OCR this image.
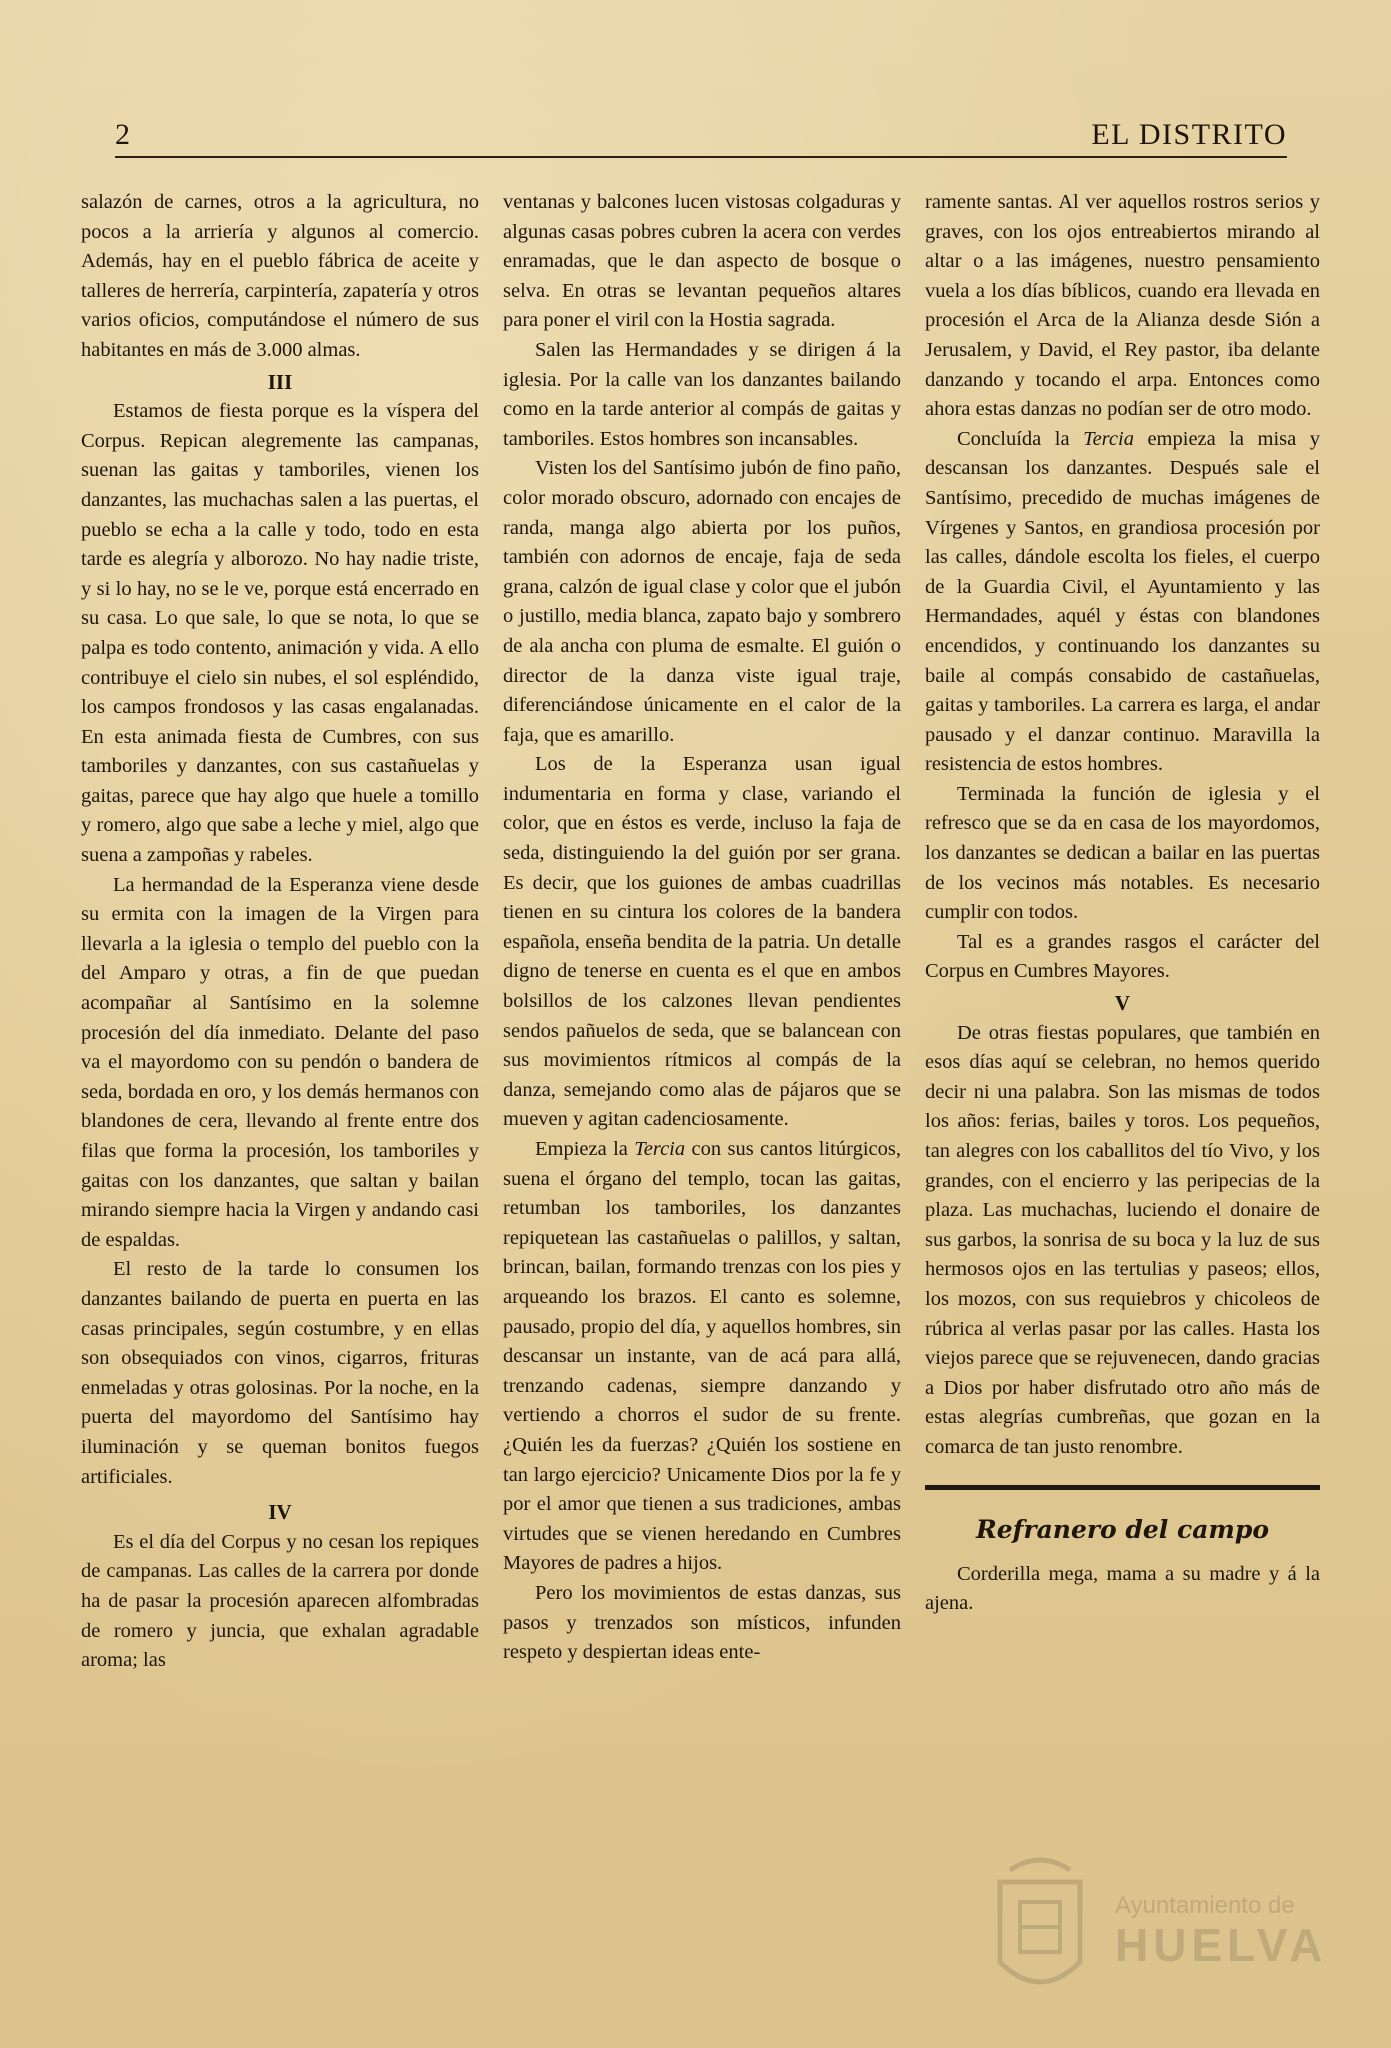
2	EL DISTRITO

salazón de carnes, otros a la agricultura, no pocos a la arriería y algunos al comercio. Además, hay en el pueblo fábrica de aceite y talleres de herrería, carpintería, zapatería y otros varios oficios, computándose el número de sus habitantes en más de 3.000 almas.

III

Estamos de fiesta porque es la víspera del Corpus. Repican alegremente las campanas, suenan las gaitas y tamboriles, vienen los danzantes, las muchachas salen a las puertas, el pueblo se echa a la calle y todo, todo en esta tarde es alegría y alborozo. No hay nadie triste, y si lo hay, no se le ve, porque está encerrado en su casa. Lo que sale, lo que se nota, lo que se palpa es todo contento, animación y vida. A ello contribuye el cielo sin nubes, el sol espléndido, los campos frondosos y las casas engalanadas. En esta animada fiesta de Cumbres, con sus tamboriles y danzantes, con sus castañuelas y gaitas, parece que hay algo que huele a tomillo y romero, algo que sabe a leche y miel, algo que suena a zampoñas y rabeles.

La hermandad de la Esperanza viene desde su ermita con la imagen de la Virgen para llevarla a la iglesia o templo del pueblo con la del Amparo y otras, a fin de que puedan acompañar al Santísimo en la solemne procesión del día inmediato. Delante del paso va el mayordomo con su pendón o bandera de seda, bordada en oro, y los demás hermanos con blandones de cera, llevando al frente entre dos filas que forma la procesión, los tamboriles y gaitas con los danzantes, que saltan y bailan mirando siempre hacia la Virgen y andando casi de espaldas.

El resto de la tarde lo consumen los danzantes bailando de puerta en puerta en las casas principales, según costumbre, y en ellas son obsequiados con vinos, cigarros, frituras enmeladas y otras golosinas. Por la noche, en la puerta del mayordomo del Santísimo hay iluminación y se queman bonitos fuegos artificiales.

IV

Es el día del Corpus y no cesan los repiques de campanas. Las calles de la carrera por donde ha de pasar la procesión aparecen alfombradas de romero y juncia, que exhalan agradable aroma; las

ventanas y balcones lucen vistosas colgaduras y algunas casas pobres cubren la acera con verdes enramadas, que le dan aspecto de bosque o selva. En otras se levantan pequeños altares para poner el viril con la Hostia sagrada.

Salen las Hermandades y se dirigen á la iglesia. Por la calle van los danzantes bailando como en la tarde anterior al compás de gaitas y tamboriles. Estos hombres son incansables.

Visten los del Santísimo jubón de fino paño, color morado obscuro, adornado con encajes de randa, manga algo abierta por los puños, también con adornos de encaje, faja de seda grana, calzón de igual clase y color que el jubón o justillo, media blanca, zapato bajo y sombrero de ala ancha con pluma de esmalte. El guión o director de la danza viste igual traje, diferenciándose únicamente en el calor de la faja, que es amarillo.

Los de la Esperanza usan igual indumentaria en forma y clase, variando el color, que en éstos es verde, incluso la faja de seda, distinguiendo la del guión por ser grana. Es decir, que los guiones de ambas cuadrillas tienen en su cintura los colores de la bandera española, enseña bendita de la patria. Un detalle digno de tenerse en cuenta es el que en ambos bolsillos de los calzones llevan pendientes sendos pañuelos de seda, que se balancean con sus movimientos rítmicos al compás de la danza, semejando como alas de pájaros que se mueven y agitan cadenciosamente.

Empieza la Tercia con sus cantos litúrgicos, suena el órgano del templo, tocan las gaitas, retumban los tamboriles, los danzantes repiquetean las castañuelas o palillos, y saltan, brincan, bailan, formando trenzas con los pies y arqueando los brazos. El canto es solemne, pausado, propio del día, y aquellos hombres, sin descansar un instante, van de acá para allá, trenzando cadenas, siempre danzando y vertiendo a chorros el sudor de su frente. ¿Quién les da fuerzas? ¿Quién los sostiene en tan largo ejercicio? Unicamente Dios por la fe y por el amor que tienen a sus tradiciones, ambas virtudes que se vienen heredando en Cumbres Mayores de padres a hijos.

Pero los movimientos de estas danzas, sus pasos y trenzados son místicos, infunden respeto y despiertan ideas ente-

ramente santas. Al ver aquellos rostros serios y graves, con los ojos entreabiertos mirando al altar o a las imágenes, nuestro pensamiento vuela a los días bíblicos, cuando era llevada en procesión el Arca de la Alianza desde Sión a Jerusalem, y David, el Rey pastor, iba delante danzando y tocando el arpa. Entonces como ahora estas danzas no podían ser de otro modo.

Concluída la Tercia empieza la misa y descansan los danzantes. Después sale el Santísimo, precedido de muchas imágenes de Vírgenes y Santos, en grandiosa procesión por las calles, dándole escolta los fieles, el cuerpo de la Guardia Civil, el Ayuntamiento y las Hermandades, aquél y éstas con blandones encendidos, y continuando los danzantes su baile al compás consabido de castañuelas, gaitas y tamboriles. La carrera es larga, el andar pausado y el danzar continuo. Maravilla la resistencia de estos hombres.

Terminada la función de iglesia y el refresco que se da en casa de los mayordomos, los danzantes se dedican a bailar en las puertas de los vecinos más notables. Es necesario cumplir con todos.

Tal es a grandes rasgos el carácter del Corpus en Cumbres Mayores.

V

De otras fiestas populares, que también en esos días aquí se celebran, no hemos querido decir ni una palabra. Son las mismas de todos los años: ferias, bailes y toros. Los pequeños, tan alegres con los caballitos del tío Vivo, y los grandes, con el encierro y las peripecias de la plaza. Las muchachas, luciendo el donaire de sus garbos, la sonrisa de su boca y la luz de sus hermosos ojos en las tertulias y paseos; ellos, los mozos, con sus requiebros y chicoleos de rúbrica al verlas pasar por las calles. Hasta los viejos parece que se rejuvenecen, dando gracias a Dios por haber disfrutado otro año más de estas alegrías cumbreñas, que gozan en la comarca de tan justo renombre.

Refranero del campo

Corderilla mega, mama a su madre y á la ajena.

Ayuntamiento de
HUELVA
